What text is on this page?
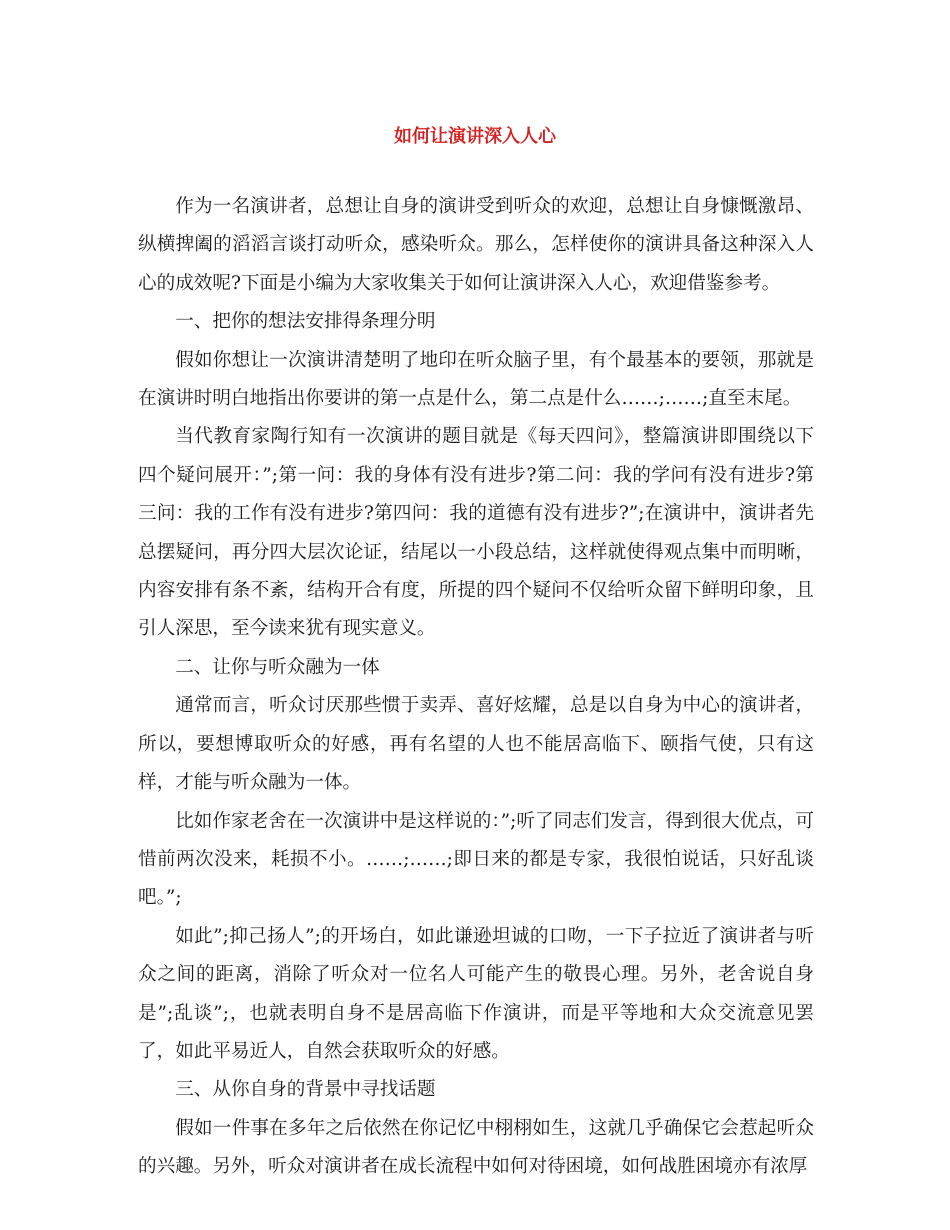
如何让演讲深入人心

作为一名演讲者，总想让自身的演讲受到听众的欢迎，总想让自身慷慨激昂、纵横捭阖的滔滔言谈打动听众，感染听众。那么，怎样使你的演讲具备这种深入人心的成效呢?下面是小编为大家收集关于如何让演讲深入人心，欢迎借鉴参考。

一、把你的想法安排得条理分明

假如你想让一次演讲清楚明了地印在听众脑子里，有个最基本的要领，那就是在演讲时明白地指出你要讲的第一点是什么，第二点是什么……;……;直至末尾。

当代教育家陶行知有一次演讲的题目就是《每天四问》，整篇演讲即围绕以下四个疑问展开：”;第一问：我的身体有没有进步?第二问：我的学问有没有进步?第三问：我的工作有没有进步?第四问：我的道德有没有进步?”;在演讲中，演讲者先总摆疑问，再分四大层次论证，结尾以一小段总结，这样就使得观点集中而明晰，内容安排有条不紊，结构开合有度，所提的四个疑问不仅给听众留下鲜明印象，且引人深思，至今读来犹有现实意义。

二、让你与听众融为一体

通常而言，听众讨厌那些惯于卖弄、喜好炫耀，总是以自身为中心的演讲者，所以，要想博取听众的好感，再有名望的人也不能居高临下、颐指气使，只有这样，才能与听众融为一体。

比如作家老舍在一次演讲中是这样说的：”;听了同志们发言，得到很大优点，可惜前两次没来，耗损不小。……;……;即日来的都是专家，我很怕说话，只好乱谈吧。”;

如此”;抑己扬人”;的开场白，如此谦逊坦诚的口吻，一下子拉近了演讲者与听众之间的距离，消除了听众对一位名人可能产生的敬畏心理。另外，老舍说自身是”;乱谈”;，也就表明自身不是居高临下作演讲，而是平等地和大众交流意见罢了，如此平易近人，自然会获取听众的好感。

三、从你自身的背景中寻找话题

假如一件事在多年之后依然在你记忆中栩栩如生，这就几乎确保它会惹起听众的兴趣。另外，听众对演讲者在成长流程中如何对待困境，如何战胜困境亦有浓厚
